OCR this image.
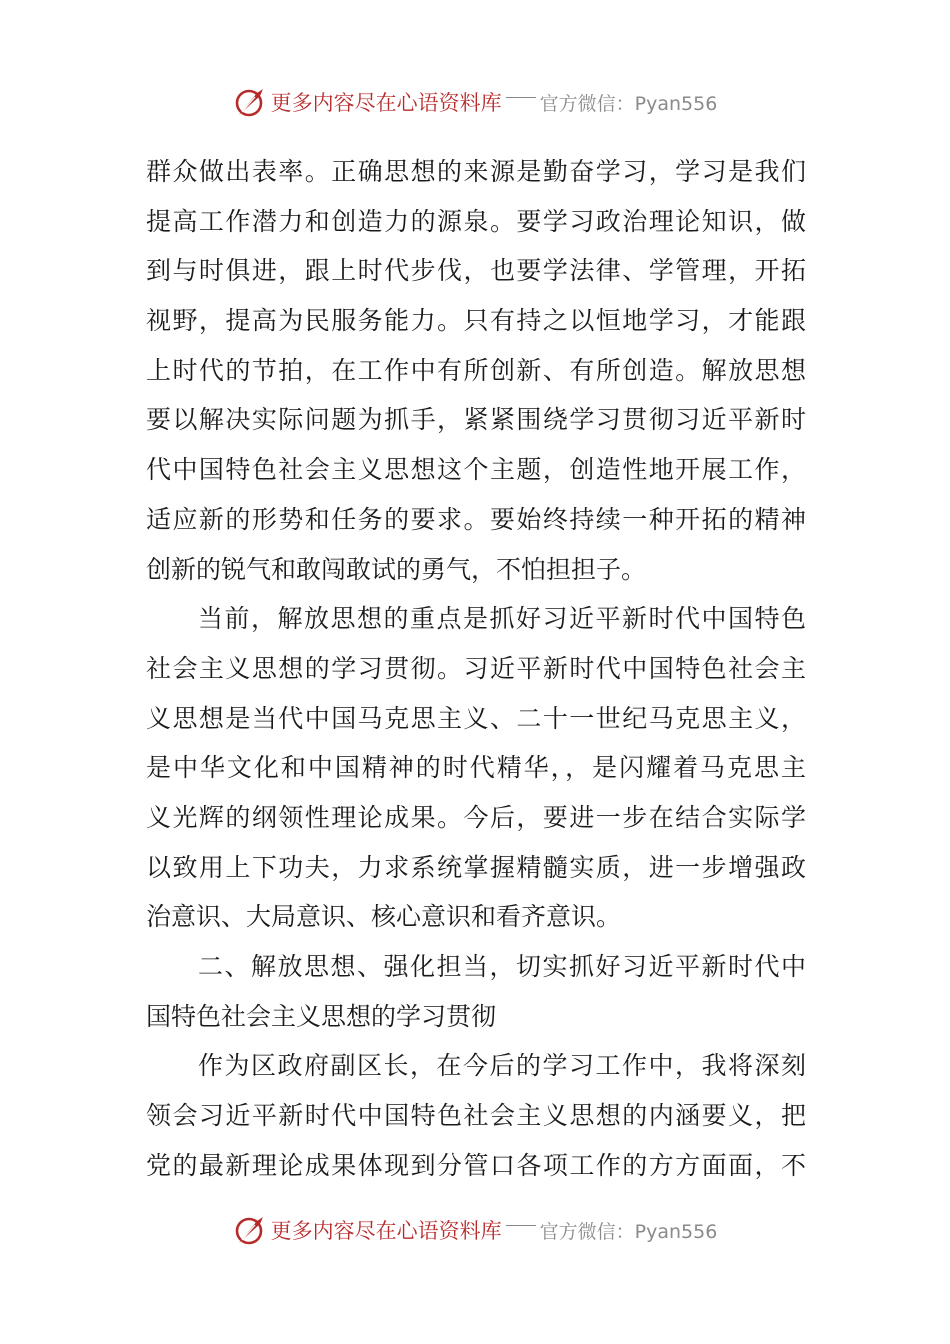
更多内容尽在心语资料库 官方微信：Pyan556
群众做出表率。正确思想的来源是勤奋学习，学习是我们
提高工作潜力和创造力的源泉。要学习政治理论知识，做
到与时俱进，跟上时代步伐，也要学法律、学管理，开拓
视野，提高为民服务能力。只有持之以恒地学习，才能跟
上时代的节拍，在工作中有所创新、有所创造。解放思想
要以解决实际问题为抓手，紧紧围绕学习贯彻习近平新时
代中国特色社会主义思想这个主题，创造性地开展工作，
适应新的形势和任务的要求。要始终持续一种开拓的精神
创新的锐气和敢闯敢试的勇气，不怕担担子。
当前，解放思想的重点是抓好习近平新时代中国特色
社会主义思想的学习贯彻。习近平新时代中国特色社会主
义思想是当代中国马克思主义、二十一世纪马克思主义，
是中华文化和中国精神的时代精华，，是闪耀着马克思主
义光辉的纲领性理论成果。今后，要进一步在结合实际学
以致用上下功夫，力求系统掌握精髓实质，进一步增强政
治意识、大局意识、核心意识和看齐意识。
二、解放思想、强化担当，切实抓好习近平新时代中
国特色社会主义思想的学习贯彻
作为区政府副区长，在今后的学习工作中，我将深刻
领会习近平新时代中国特色社会主义思想的内涵要义，把
党的最新理论成果体现到分管口各项工作的方方面面，不
更多内容尽在心语资料库 官方微信：Pyan556
